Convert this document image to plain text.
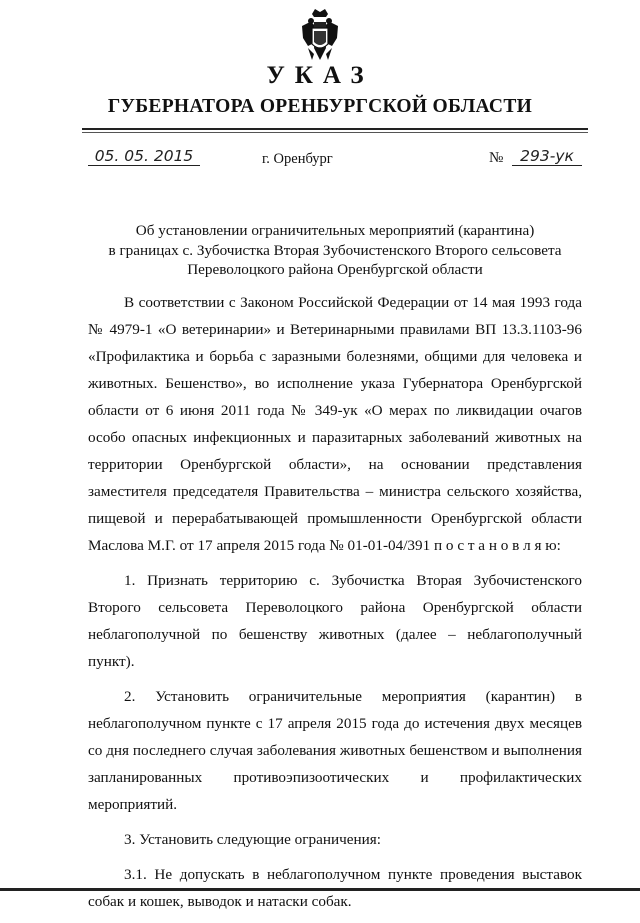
УКАЗ
ГУБЕРНАТОРА ОРЕНБУРГСКОЙ ОБЛАСТИ
05. 05. 2015	г. Оренбург	№	293-ук
Об установлении ограничительных мероприятий (карантина)
в границах с. Зубочистка Вторая Зубочистенского Второго сельсовета
Переволоцкого района Оренбургской области

В соответствии с Законом Российской Федерации от 14 мая 1993 года № 4979-1 «О ветеринарии» и Ветеринарными правилами ВП 13.3.1103-96 «Профилактика и борьба с заразными болезнями, общими для человека и животных. Бешенство», во исполнение указа Губернатора Оренбургской области от 6 июня 2011 года № 349-ук «О мерах по ликвидации очагов особо опасных инфекционных и паразитарных заболеваний животных на территории Оренбургской области», на основании представления заместителя председателя Правительства – министра сельского хозяйства, пищевой и перерабатывающей промышленности Оренбургской области Маслова М.Г. от 17 апреля 2015 года № 01-01-04/391 п о с т а н о в л я ю:

1. Признать территорию с. Зубочистка Вторая Зубочистенского Второго сельсовета Переволоцкого района Оренбургской области неблагополучной по бешенству животных (далее – неблагополучный пункт).

2. Установить ограничительные мероприятия (карантин) в неблагополучном пункте с 17 апреля 2015 года до истечения двух месяцев со дня последнего случая заболевания животных бешенством и выполнения запланированных противоэпизоотических и профилактических мероприятий.

3. Установить следующие ограничения:

3.1. Не допускать в неблагополучном пункте проведения выставок собак и кошек, выводок и натаски собак.
